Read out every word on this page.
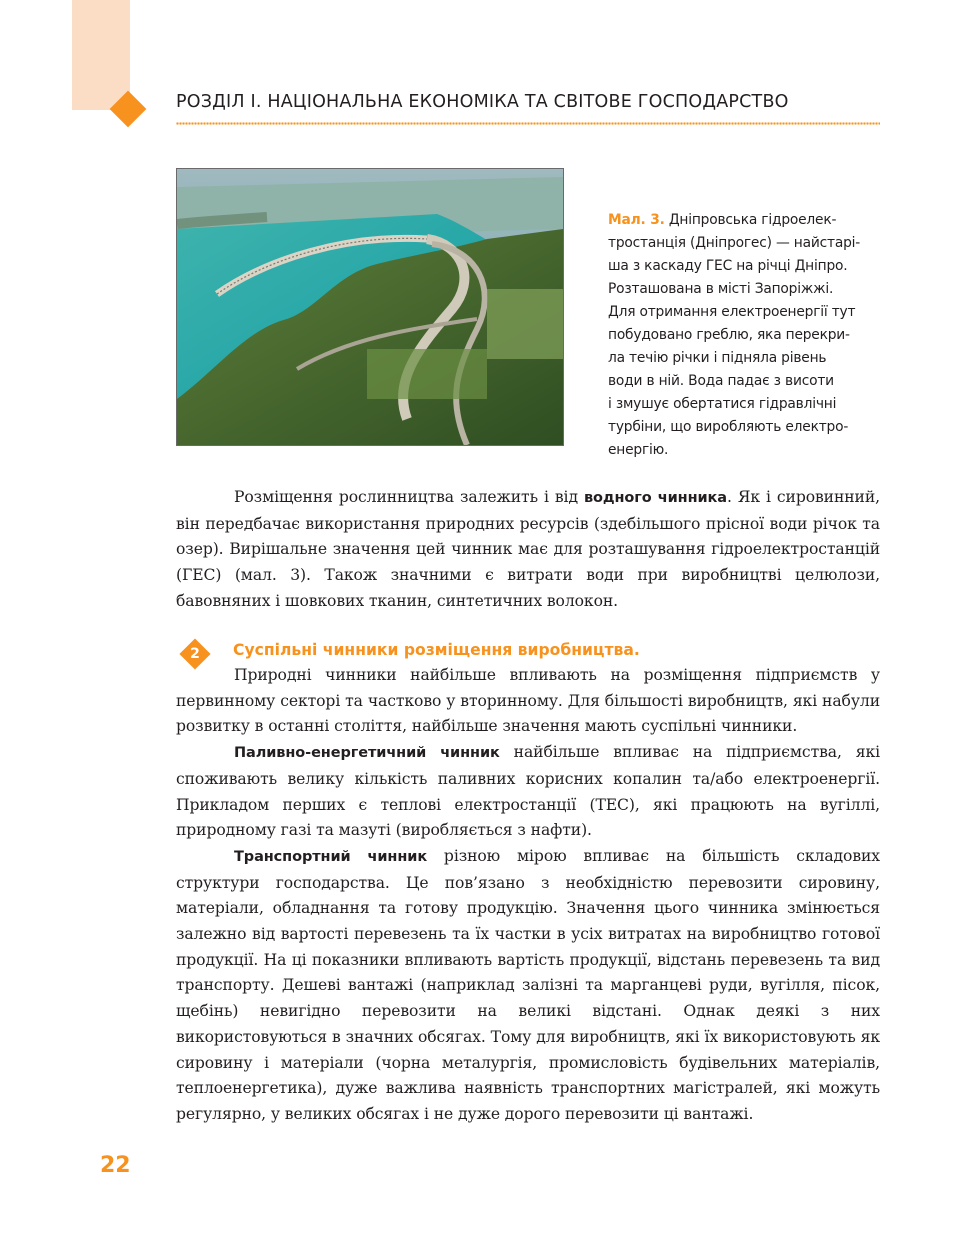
РОЗДІЛ І. НАЦІОНАЛЬНА ЕКОНОМІКА ТА СВІТОВЕ ГОСПОДАРСТВО
Мал. 3. Дніпровська гідроелек-
тростанція (Дніпрогес) — найстарі-
ша з каскаду ГЕС на річці Дніпро.
Розташована в місті Запоріжжі.
Для отримання електроенергії тут
побудовано греблю, яка перекри-
ла течію річки і підняла рівень
води в ній. Вода падає з висоти
і змушує обертатися гідравлічні
турбіни, що виробляють електро-
енергію.

Розміщення рослинництва залежить і від водного чинника. Як і сировинний, він передбачає використання природних ресурсів (здебільшого прісної води річок та озер). Вирішальне значення цей чинник має для розташування гідроелектростанцій (ГЕС) (мал. 3). Також значними є витрати води при виробництві целюлози, бавовняних і шовкових тканин, синтетичних волокон.

2	Суспільні чинники розміщення виробництва.

Природні чинники найбільше впливають на розміщення підприємств у первинному секторі та частково у вторинному. Для більшості виробництв, які набули розвитку в останні століття, найбільше значення мають суспільні чинники.

Паливно-енергетичний чинник найбільше впливає на підприємства, які споживають велику кількість паливних корисних копалин та/або електроенергії. Прикладом перших є теплові електростанції (ТЕС), які працюють на вугіллі, природному газі та мазуті (виробляється з нафти).

Транспортний чинник різною мірою впливає на більшість складових структури господарства. Це пов’язано з необхідністю перевозити сировину, матеріали, обладнання та готову продукцію. Значення цього чинника змінюється залежно від вартості перевезень та їх частки в усіх витратах на виробництво готової продукції. На ці показники впливають вартість продукції, відстань перевезень та вид транспорту. Дешеві вантажі (наприклад залізні та марганцеві руди, вугілля, пісок, щебінь) невигідно перевозити на великі відстані. Однак деякі з них використовуються в значних обсягах. Тому для виробництв, які їх використовують як сировину і матеріали (чорна металургія, промисловість будівельних матеріалів, теплоенергетика), дуже важлива наявність транспортних магістралей, які можуть регулярно, у великих обсягах і не дуже дорого перевозити ці вантажі.

22
